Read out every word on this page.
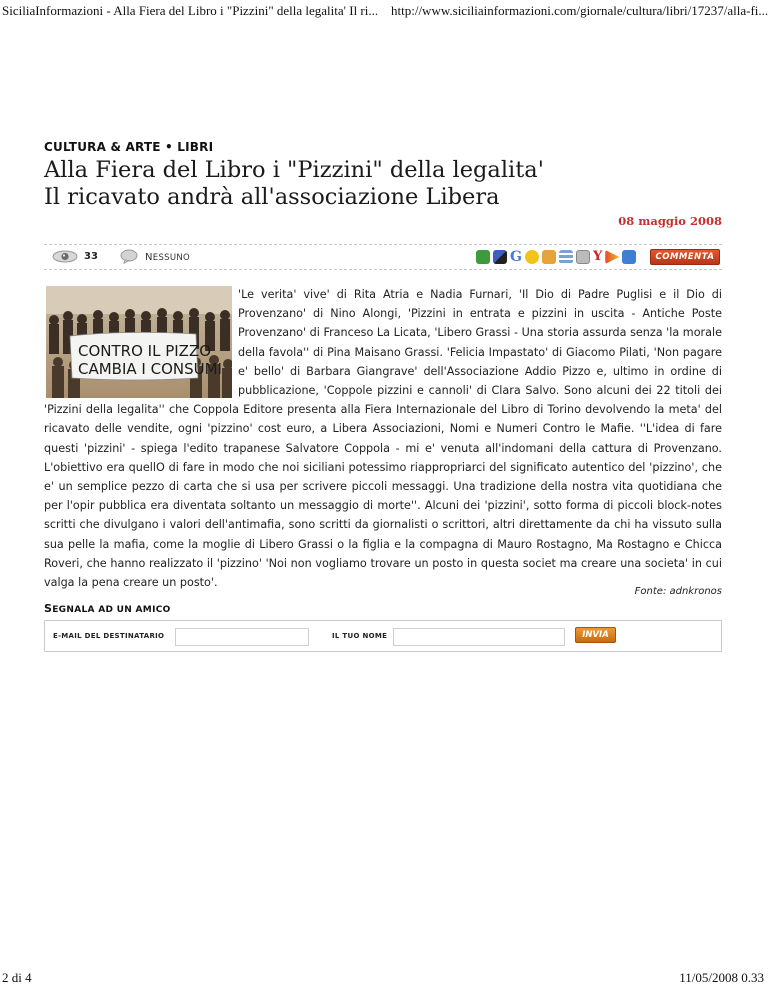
SiciliaInformazioni - Alla Fiera del Libro i "Pizzini" della legalita' Il ri... http://www.siciliainformazioni.com/giornale/cultura/libri/17237/alla-fi...
CULTURA & ARTE • LIBRI
Alla Fiera del Libro i "Pizzini" della legalita'
Il ricavato andrà all'associazione Libera
08 maggio 2008
33	NESSUNO	G	Y	COMMENTA
CONTRO IL PIZZO
CAMBIA I CONSUMI
'Le verita' vive' di Rita Atria e Nadia Furnari, 'Il Dio di Padre Puglisi e il Dio di Provenzano' di Nino Alongi, 'Pizzini in entrata e pizzini in uscita - Antiche Poste Provenzano' di Franceso La Licata, 'Libero Grassi - Una storia assurda senza 'la morale della favola'' di Pina Maisano Grassi. 'Felicia Impastato' di Giacomo Pilati, 'Non pagare e' bello' di Barbara Giangrave' dell'Associazione Addio Pizzo e, ultimo in ordine di pubblicazione, 'Coppole pizzini e cannoli' di Clara Salvo. Sono alcuni dei 22 titoli dei 'Pizzini della legalita'' che Coppola Editore presenta alla Fiera Internazionale del Libro di Torino devolvendo la meta' del ricavato delle vendite, ogni 'pizzino' cost euro, a Libera Associazioni, Nomi e Numeri Contro le Mafie. ''L'idea di fare questi 'pizzini' - spiega l'edito trapanese Salvatore Coppola - mi e' venuta all'indomani della cattura di Provenzano. L'obiettivo era quellO di fare in modo che noi siciliani potessimo riappropriarci del significato autentico del 'pizzino', che e' un semplice pezzo di carta che si usa per scrivere piccoli messaggi. Una tradizione della nostra vita quotidiana che per l'opir pubblica era diventata soltanto un messaggio di morte''. Alcuni dei 'pizzini', sotto forma di piccoli block-notes scritti che divulgano i valori dell'antimafia, sono scritti da giornalisti o scrittori, altri direttamente da chi ha vissuto sulla sua pelle la mafia, come la moglie di Libero Grassi o la figlia e la compagna di Mauro Rostagno, Ma Rostagno e Chicca Roveri, che hanno realizzato il 'pizzino' 'Noi non vogliamo trovare un posto in questa societ ma creare una societa' in cui valga la pena creare un posto'.
Fonte: adnkronos
SEGNALA AD UN AMICO
E-MAIL DEL DESTINATARIO	IL TUO NOME	INVIA
2 di 4	11/05/2008 0.33
